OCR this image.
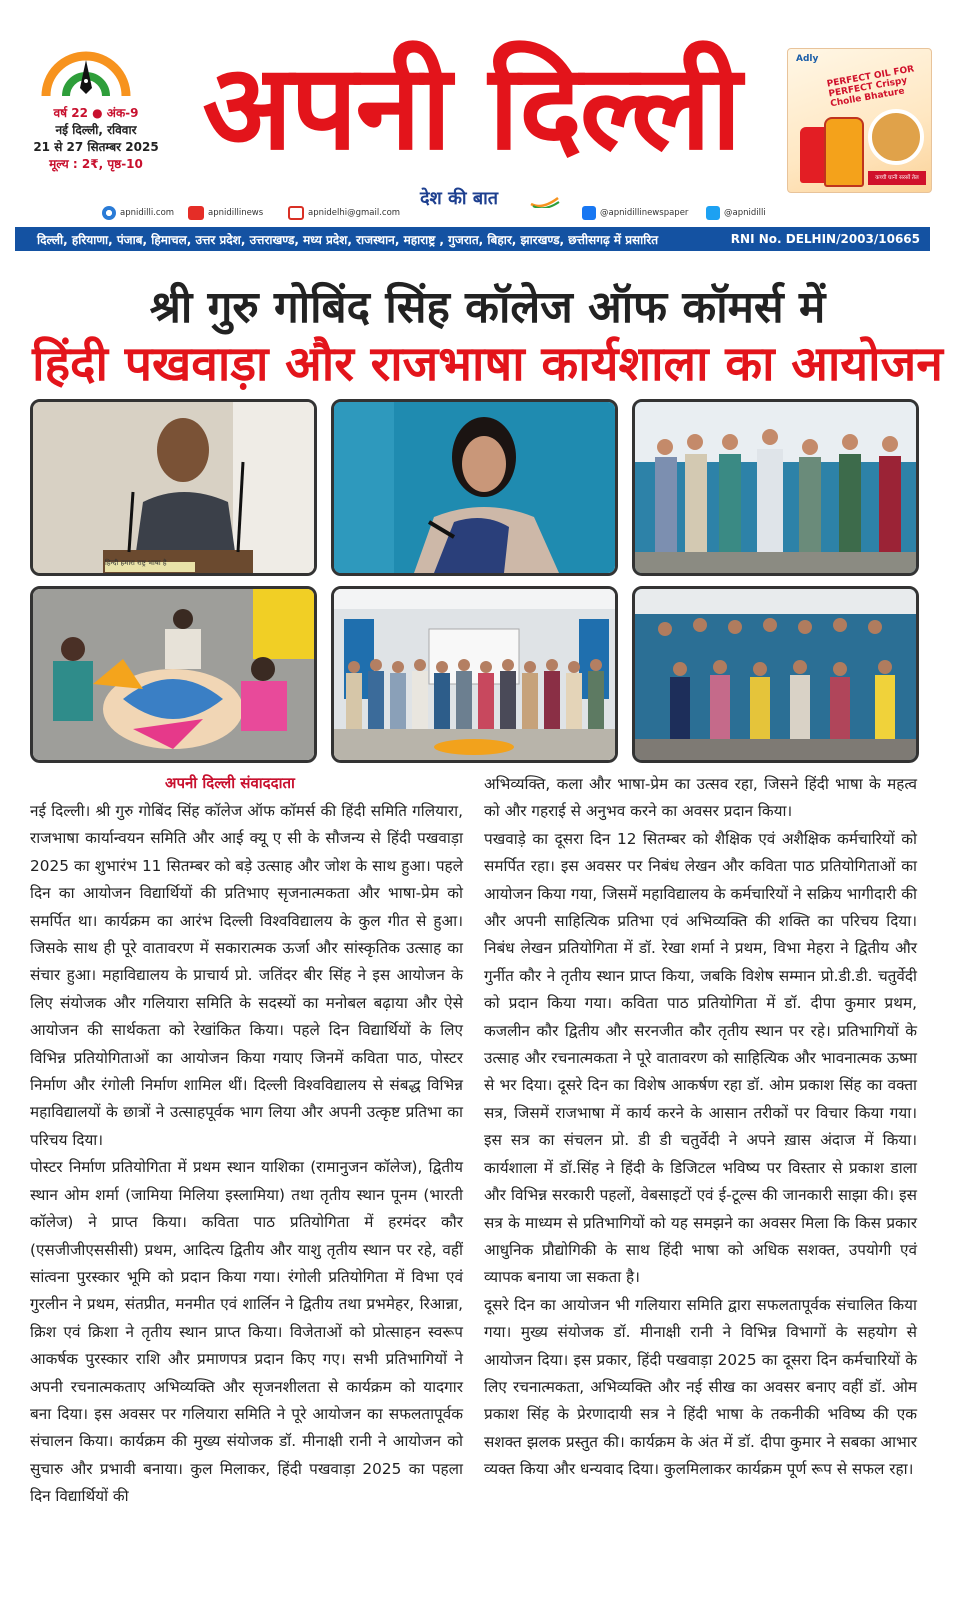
वर्ष 22 ● अंक-9
नई दिल्ली, रविवार
21 से 27 सितम्बर 2025
मूल्य : 2₹, पृष्ठ-10 अपनी दिल्ली
देश की बात
Adly
PERFECT OIL FOR PERFECT Crispy Cholle Bhature
कच्ची घानी सरसों तेल
apnidilli.com	apnidillinews	apnidelhi@gmail.com	@apnidillinewspaper	@apnidilli
दिल्ली, हरियाणा, पंजाब, हिमाचल, उत्तर प्रदेश, उत्तराखण्ड, मध्य प्रदेश, राजस्थान, महाराष्ट्र , गुजरात, बिहार, झारखण्ड, छत्तीसगढ़ में प्रसारित	RNI No. DELHIN/2003/10665
श्री गुरु गोबिंद सिंह कॉलेज ऑफ कॉमर्स में
हिंदी पखवाड़ा और राजभाषा कार्यशाला का आयोजन
हिन्दी हमारा राष्ट्र भाषा है
अपनी दिल्ली संवाददाता

नई दिल्ली। श्री गुरु गोबिंद सिंह कॉलेज ऑफ कॉमर्स की हिंदी समिति गलियारा, राजभाषा कार्यान्वयन समिति और आई क्यू ए सी के सौजन्य से हिंदी पखवाड़ा 2025 का शुभारंभ 11 सितम्बर को बड़े उत्साह और जोश के साथ हुआ। पहले दिन का आयोजन विद्यार्थियों की प्रतिभाए सृजनात्मकता और भाषा-प्रेम को समर्पित था। कार्यक्रम का आरंभ दिल्ली विश्वविद्यालय के कुल गीत से हुआ। जिसके साथ ही पूरे वातावरण में सकारात्मक ऊर्जा और सांस्कृतिक उत्साह का संचार हुआ। महाविद्यालय के प्राचार्य प्रो. जतिंदर बीर सिंह ने इस आयोजन के लिए संयोजक और गलियारा समिति के सदस्यों का मनोबल बढ़ाया और ऐसे आयोजन की सार्थकता को रेखांकित किया। पहले दिन विद्यार्थियों के लिए विभिन्न प्रतियोगिताओं का आयोजन किया गयाए जिनमें कविता पाठ, पोस्टर निर्माण और रंगोली निर्माण शामिल थीं। दिल्ली विश्वविद्यालय से संबद्ध विभिन्न महाविद्यालयों के छात्रों ने उत्साहपूर्वक भाग लिया और अपनी उत्कृष्ट प्रतिभा का परिचय दिया।

पोस्टर निर्माण प्रतियोगिता में प्रथम स्थान याशिका (रामानुजन कॉलेज), द्वितीय स्थान ओम शर्मा (जामिया मिलिया इस्लामिया) तथा तृतीय स्थान पूनम (भारती कॉलेज) ने प्राप्त किया। कविता पाठ प्रतियोगिता में हरमंदर कौर (एसजीजीएससीसी) प्रथम, आदित्य द्वितीय और याशु तृतीय स्थान पर रहे, वहीं सांत्वना पुरस्कार भूमि को प्रदान किया गया। रंगोली प्रतियोगिता में विभा एवं गुरलीन ने प्रथम, संतप्रीत, मनमीत एवं शार्लिन ने द्वितीय तथा प्रभमेहर, रिआन्ना, क्रिश एवं क्रिशा ने तृतीय स्थान प्राप्त किया। विजेताओं को प्रोत्साहन स्वरूप आकर्षक पुरस्कार राशि और प्रमाणपत्र प्रदान किए गए। सभी प्रतिभागियों ने अपनी रचनात्मकताए अभिव्यक्ति और सृजनशीलता से कार्यक्रम को यादगार बना दिया। इस अवसर पर गलियारा समिति ने पूरे आयोजन का सफलतापूर्वक संचालन किया। कार्यक्रम की मुख्य संयोजक डॉ. मीनाक्षी रानी ने आयोजन को सुचारु और प्रभावी बनाया। कुल मिलाकर, हिंदी पखवाड़ा 2025 का पहला दिन विद्यार्थियों की

अभिव्यक्ति, कला और भाषा-प्रेम का उत्सव रहा, जिसने हिंदी भाषा के महत्व को और गहराई से अनुभव करने का अवसर प्रदान किया।

पखवाड़े का दूसरा दिन 12 सितम्बर को शैक्षिक एवं अशैक्षिक कर्मचारियों को समर्पित रहा। इस अवसर पर निबंध लेखन और कविता पाठ प्रतियोगिताओं का आयोजन किया गया, जिसमें महाविद्यालय के कर्मचारियों ने सक्रिय भागीदारी की और अपनी साहित्यिक प्रतिभा एवं अभिव्यक्ति की शक्ति का परिचय दिया। निबंध लेखन प्रतियोगिता में डॉ. रेखा शर्मा ने प्रथम, विभा मेहरा ने द्वितीय और गुर्नीत कौर ने तृतीय स्थान प्राप्त किया, जबकि विशेष सम्मान प्रो.डी.डी. चतुर्वेदी को प्रदान किया गया। कविता पाठ प्रतियोगिता में डॉ. दीपा कुमार प्रथम, कजलीन कौर द्वितीय और सरनजीत कौर तृतीय स्थान पर रहे। प्रतिभागियों के उत्साह और रचनात्मकता ने पूरे वातावरण को साहित्यिक और भावनात्मक ऊष्मा से भर दिया। दूसरे दिन का विशेष आकर्षण रहा डॉ. ओम प्रकाश सिंह का वक्ता सत्र, जिसमें राजभाषा में कार्य करने के आसान तरीकों पर विचार किया गया। इस सत्र का संचलन प्रो. डी डी चतुर्वेदी ने अपने ख़ास अंदाज में किया। कार्यशाला में डॉ.सिंह ने हिंदी के डिजिटल भविष्य पर विस्तार से प्रकाश डाला और विभिन्न सरकारी पहलों, वेबसाइटों एवं ई-टूल्स की जानकारी साझा की। इस सत्र के माध्यम से प्रतिभागियों को यह समझने का अवसर मिला कि किस प्रकार आधुनिक प्रौद्योगिकी के साथ हिंदी भाषा को अधिक सशक्त, उपयोगी एवं व्यापक बनाया जा सकता है।

दूसरे दिन का आयोजन भी गलियारा समिति द्वारा सफलतापूर्वक संचालित किया गया। मुख्य संयोजक डॉ. मीनाक्षी रानी ने विभिन्न विभागों के सहयोग से आयोजन दिया। इस प्रकार, हिंदी पखवाड़ा 2025 का दूसरा दिन कर्मचारियों के लिए रचनात्मकता, अभिव्यक्ति और नई सीख का अवसर बनाए वहीं डॉ. ओम प्रकाश सिंह के प्रेरणादायी सत्र ने हिंदी भाषा के तकनीकी भविष्य की एक सशक्त झलक प्रस्तुत की। कार्यक्रम के अंत में डॉ. दीपा कुमार ने सबका आभार व्यक्त किया और धन्यवाद दिया। कुलमिलाकर कार्यक्रम पूर्ण रूप से सफल रहा।
